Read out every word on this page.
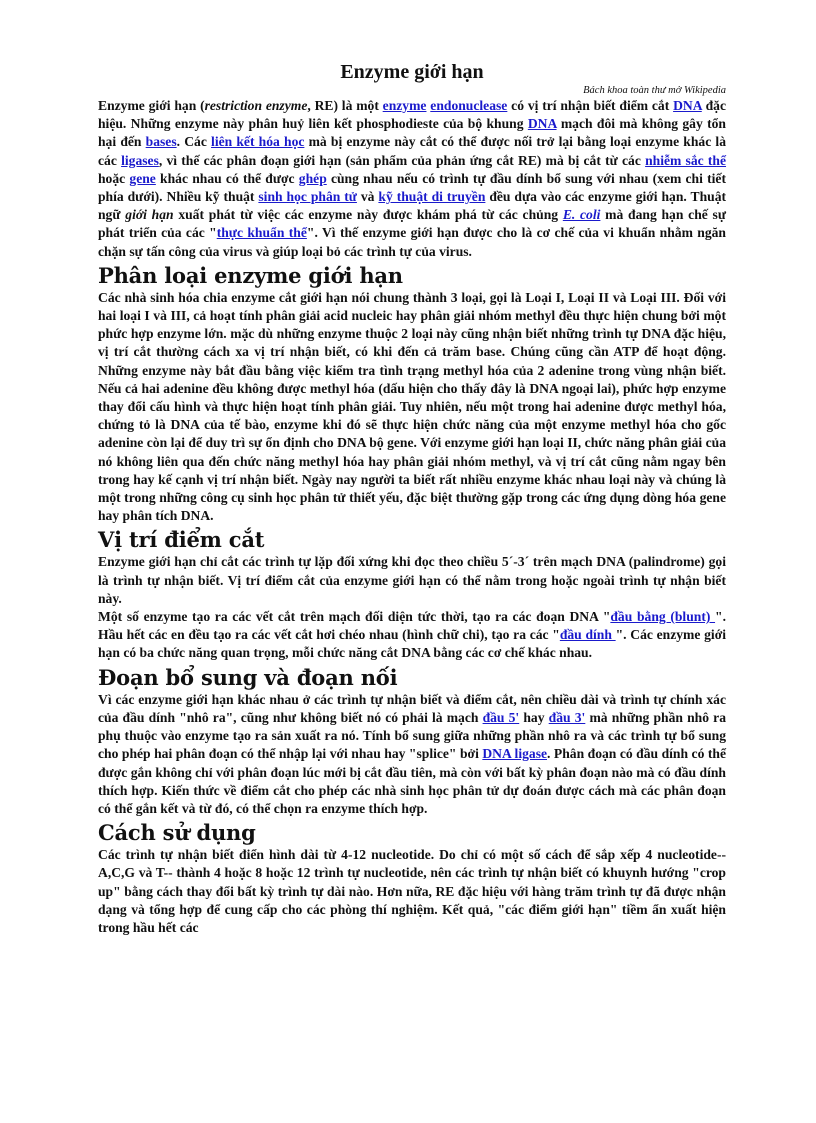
Enzyme giới hạn
Bách khoa toàn thư mở Wikipedia

Enzyme giới hạn (restriction enzyme, RE) là một enzyme endonuclease có vị trí nhận biết điểm cắt DNA đặc hiệu. Những enzyme này phân huỷ liên kết phosphodieste của bộ khung DNA mạch đôi mà không gây tổn hại đến bases. Các liên kết hóa học mà bị enzyme này cắt có thể được nối trở lại bằng loại enzyme khác là các ligases, vì thế các phân đoạn giới hạn (sản phẩm của phản ứng cắt RE) mà bị cắt từ các nhiễm sắc thể hoặc gene khác nhau có thể được ghép cùng nhau nếu có trình tự đầu dính bổ sung với nhau (xem chi tiết phía dưới). Nhiều kỹ thuật sinh học phân tử và kỹ thuật di truyền đều dựa vào các enzyme giới hạn. Thuật ngữ giới hạn xuất phát từ việc các enzyme này được khám phá từ các chủng E. coli mà đang hạn chế sự phát triển của các "thực khuẩn thể". Vì thế enzyme giới hạn được cho là cơ chế của vi khuẩn nhằm ngăn chặn sự tấn công của virus và giúp loại bỏ các trình tự của virus.

Phân loại enzyme giới hạn

Các nhà sinh hóa chia enzyme cắt giới hạn nói chung thành 3 loại, gọi là Loại I, Loại II và Loại III. Đối với hai loại I và III, cả hoạt tính phân giải acid nucleic hay phân giải nhóm methyl đều thực hiện chung bởi một phức hợp enzyme lớn. mặc dù những enzyme thuộc 2 loại này cũng nhận biết những trình tự DNA đặc hiệu, vị trí cắt thường cách xa vị trí nhận biết, có khi đến cả trăm base. Chúng cũng cần ATP để hoạt động. Những enzyme này bắt đầu bằng việc kiểm tra tình trạng methyl hóa của 2 adenine trong vùng nhận biết. Nếu cả hai adenine đều không được methyl hóa (dấu hiện cho thấy đây là DNA ngoại lai), phức hợp enzyme thay đổi cấu hình và thực hiện hoạt tính phân giải. Tuy nhiên, nếu một trong hai adenine được methyl hóa, chứng tỏ là DNA của tế bào, enzyme khi đó sẽ thực hiện chức năng của một enzyme methyl hóa cho gốc adenine còn lại để duy trì sự ổn định cho DNA bộ gene. Với enzyme giới hạn loại II, chức năng phân giải của nó không liên qua đến chức năng methyl hóa hay phân giải nhóm methyl, và vị trí cắt cũng nằm ngay bên trong hay kế cạnh vị trí nhận biết. Ngày nay người ta biết rất nhiều enzyme khác nhau loại này và chúng là một trong những công cụ sinh học phân tử thiết yếu, đặc biệt thường gặp trong các ứng dụng dòng hóa gene hay phân tích DNA.

Vị trí điểm cắt

Enzyme giới hạn chỉ cắt các trình tự lặp đối xứng khi đọc theo chiều 5´-3´ trên mạch DNA (palindrome) gọi là trình tự nhận biết. Vị trí điểm cắt của enzyme giới hạn có thể nằm trong hoặc ngoài trình tự nhận biết này.

Một số enzyme tạo ra các vết cắt trên mạch đối diện tức thời, tạo ra các đoạn DNA "đầu bằng (blunt) ". Hầu hết các en đều tạo ra các vết cắt hơi chéo nhau (hình chữ chi), tạo ra các "đầu dính ". Các enzyme giới hạn có ba chức năng quan trọng, mỗi chức năng cắt DNA bằng các cơ chế khác nhau.

Đoạn bổ sung và đoạn nối

Vì các enzyme giới hạn khác nhau ở các trình tự nhận biết và điểm cắt, nên chiều dài và trình tự chính xác của đầu dính "nhô ra", cũng như không biết nó có phải là mạch đầu 5' hay đầu 3' mà những phần nhô ra phụ thuộc vào enzyme tạo ra sản xuất ra nó. Tính bổ sung giữa những phần nhô ra và các trình tự bổ sung cho phép hai phân đoạn có thể nhập lại với nhau hay "splice" bởi DNA ligase. Phân đoạn có đầu dính có thể được gắn không chỉ với phân đoạn lúc mới bị cắt đầu tiên, mà còn với bất kỳ phân đoạn nào mà có đầu dính thích hợp. Kiến thức về điểm cắt cho phép các nhà sinh học phân tử dự đoán được cách mà các phân đoạn có thể gắn kết và từ đó, có thể chọn ra enzyme thích hợp.

Cách sử dụng

Các trình tự nhận biết điển hình dài từ 4-12 nucleotide. Do chỉ có một số cách để sắp xếp 4 nucleotide--A,C,G và T-- thành 4 hoặc 8 hoặc 12 trình tự nucleotide, nên các trình tự nhận biết có khuynh hướng "crop up" bằng cách thay đổi bất kỳ trình tự dài nào. Hơn nữa, RE đặc hiệu với hàng trăm trình tự đã được nhận dạng và tổng hợp để cung cấp cho các phòng thí nghiệm. Kết quả, "các điểm giới hạn" tiềm ẩn xuất hiện trong hầu hết các
